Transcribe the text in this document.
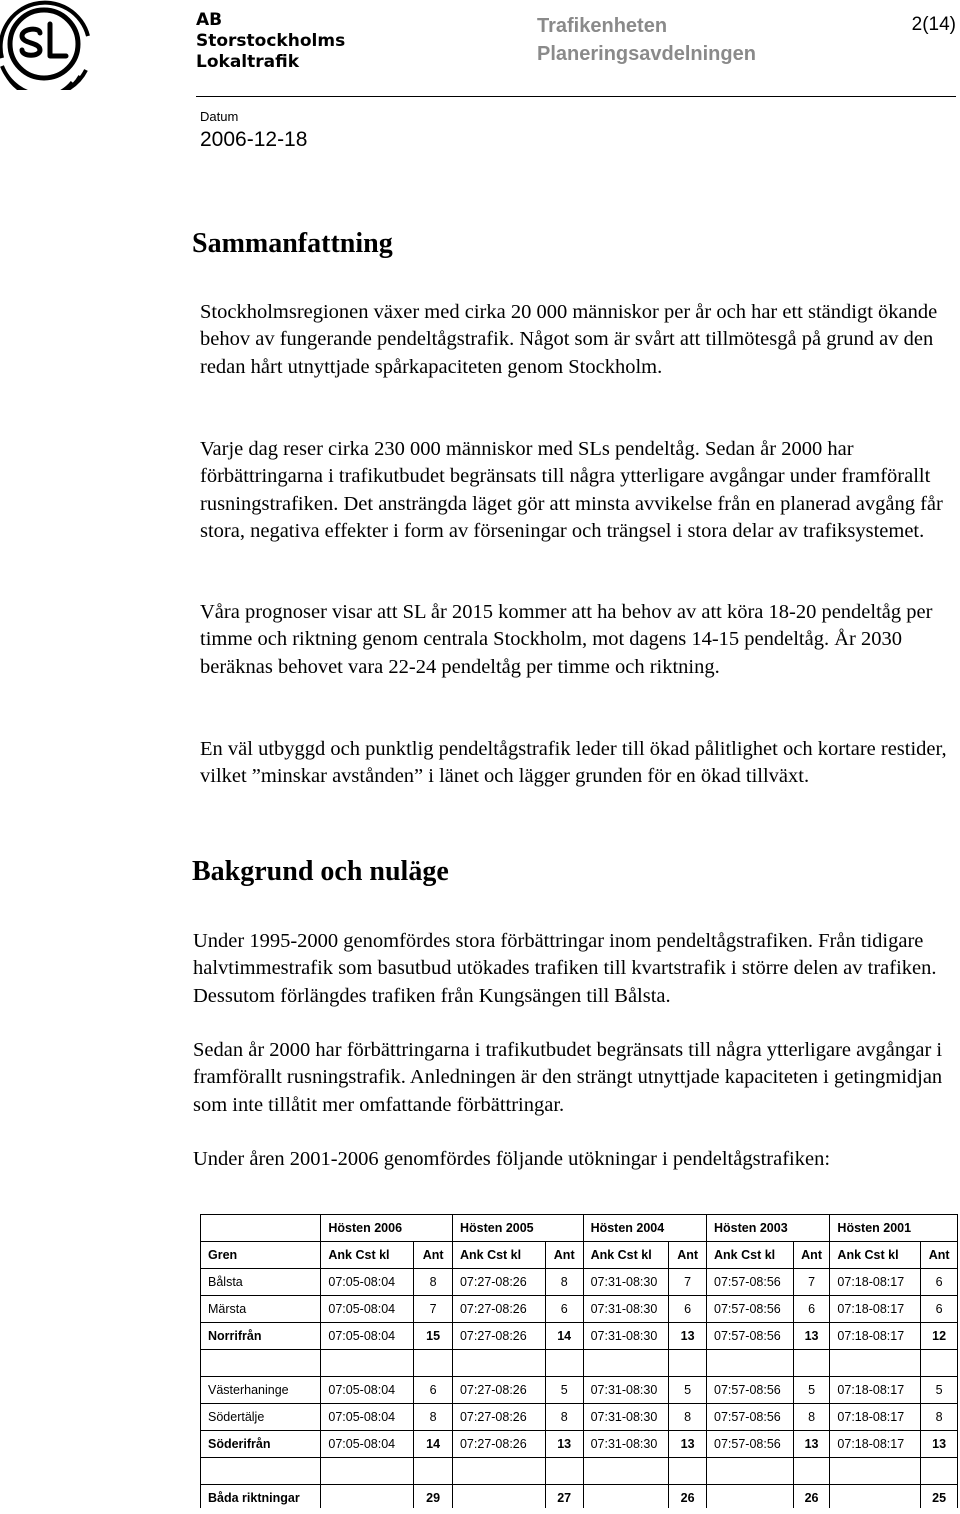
AB
Storstockholms
Lokaltrafik
Trafikenheten
Planeringsavdelningen
2(14)
Datum
2006-12-18
Sammanfattning

Stockholmsregionen växer med cirka 20 000 människor per år och har ett ständigt ökande behov av fungerande pendeltågstrafik. Något som är svårt att tillmötesgå på grund av den redan hårt utnyttjade spårkapaciteten genom Stockholm.

Varje dag reser cirka 230 000 människor med SLs pendeltåg. Sedan år 2000 har förbättringarna i trafikutbudet begränsats till några ytterligare avgångar under framförallt rusningstrafiken. Det ansträngda läget gör att minsta avvikelse från en planerad avgång får stora, negativa effekter i form av förseningar och trängsel i stora delar av trafiksystemet.

Våra prognoser visar att SL år 2015 kommer att ha behov av att köra 18-20 pendeltåg per timme och riktning genom centrala Stockholm, mot dagens 14-15 pendeltåg. År 2030 beräknas behovet vara 22-24 pendeltåg per timme och riktning.

En väl utbyggd och punktlig pendeltågstrafik leder till ökad pålitlighet och kortare restider, vilket ”minskar avstånden” i länet och lägger grunden för en ökad tillväxt.

Bakgrund och nuläge

Under 1995-2000 genomfördes stora förbättringar inom pendeltågstrafiken. Från tidigare halvtimmestrafik som basutbud utökades trafiken till kvartstrafik i större delen av trafiken. Dessutom förlängdes trafiken från Kungsängen till Bålsta.

Sedan år 2000 har förbättringarna i trafikutbudet begränsats till några ytterligare avgångar i framförallt rusningstrafik. Anledningen är den strängt utnyttjade kapaciteten i getingmidjan som inte tillåtit mer omfattande förbättringar.

Under åren 2001-2006 genomfördes följande utökningar i pendeltågstrafiken:

	Hösten 2006		Hösten 2005		Hösten 2004		Hösten 2003		Hösten 2001	
Gren	Ank Cst kl	Ant	Ank Cst kl	Ant	Ank Cst kl	Ant	Ank Cst kl	Ant	Ank Cst kl	Ant
Bålsta	07:05-08:04	8	07:27-08:26	8	07:31-08:30	7	07:57-08:56	7	07:18-08:17	6
Märsta	07:05-08:04	7	07:27-08:26	6	07:31-08:30	6	07:57-08:56	6	07:18-08:17	6
Norrifrån	07:05-08:04	15	07:27-08:26	14	07:31-08:30	13	07:57-08:56	13	07:18-08:17	12

Västerhaninge	07:05-08:04	6	07:27-08:26	5	07:31-08:30	5	07:57-08:56	5	07:18-08:17	5
Södertälje	07:05-08:04	8	07:27-08:26	8	07:31-08:30	8	07:57-08:56	8	07:18-08:17	8
Söderifrån	07:05-08:04	14	07:27-08:26	13	07:31-08:30	13	07:57-08:56	13	07:18-08:17	13

Båda riktningar		29		27		26		26		25
